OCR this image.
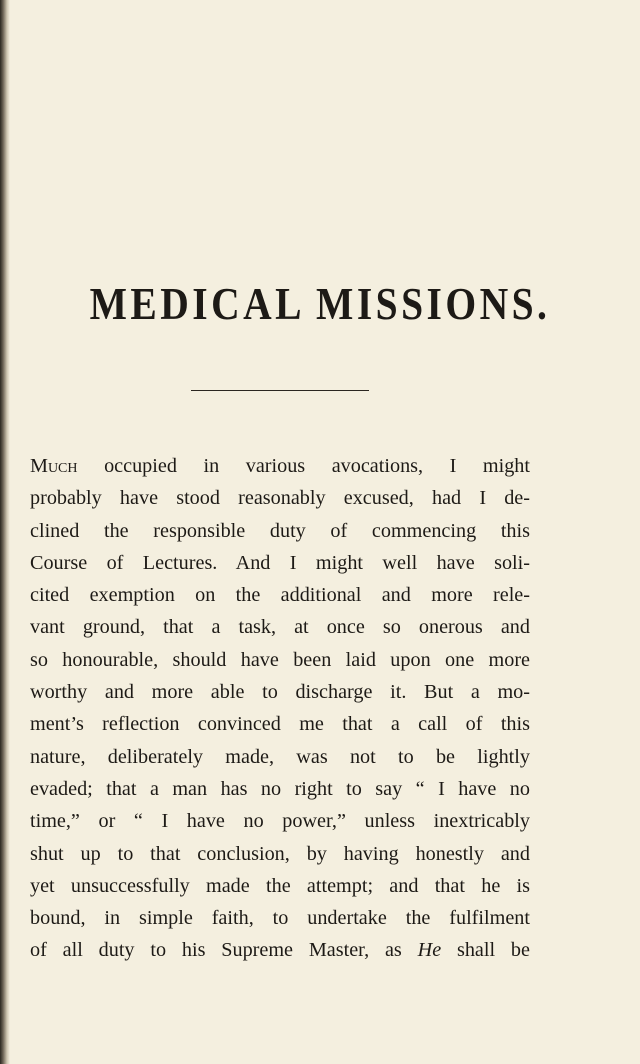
MEDICAL MISSIONS.
Much occupied in various avocations, I might
probably have stood reasonably excused, had I de-
clined the responsible duty of commencing this
Course of Lectures. And I might well have soli-
cited exemption on the additional and more rele-
vant ground, that a task, at once so onerous and
so honourable, should have been laid upon one more
worthy and more able to discharge it. But a mo-
ment’s reflection convinced me that a call of this
nature, deliberately made, was not to be lightly
evaded; that a man has no right to say “ I have no
time,” or “ I have no power,” unless inextricably
shut up to that conclusion, by having honestly and
yet unsuccessfully made the attempt; and that he is
bound, in simple faith, to undertake the fulfilment
of all duty to his Supreme Master, as He shall be
